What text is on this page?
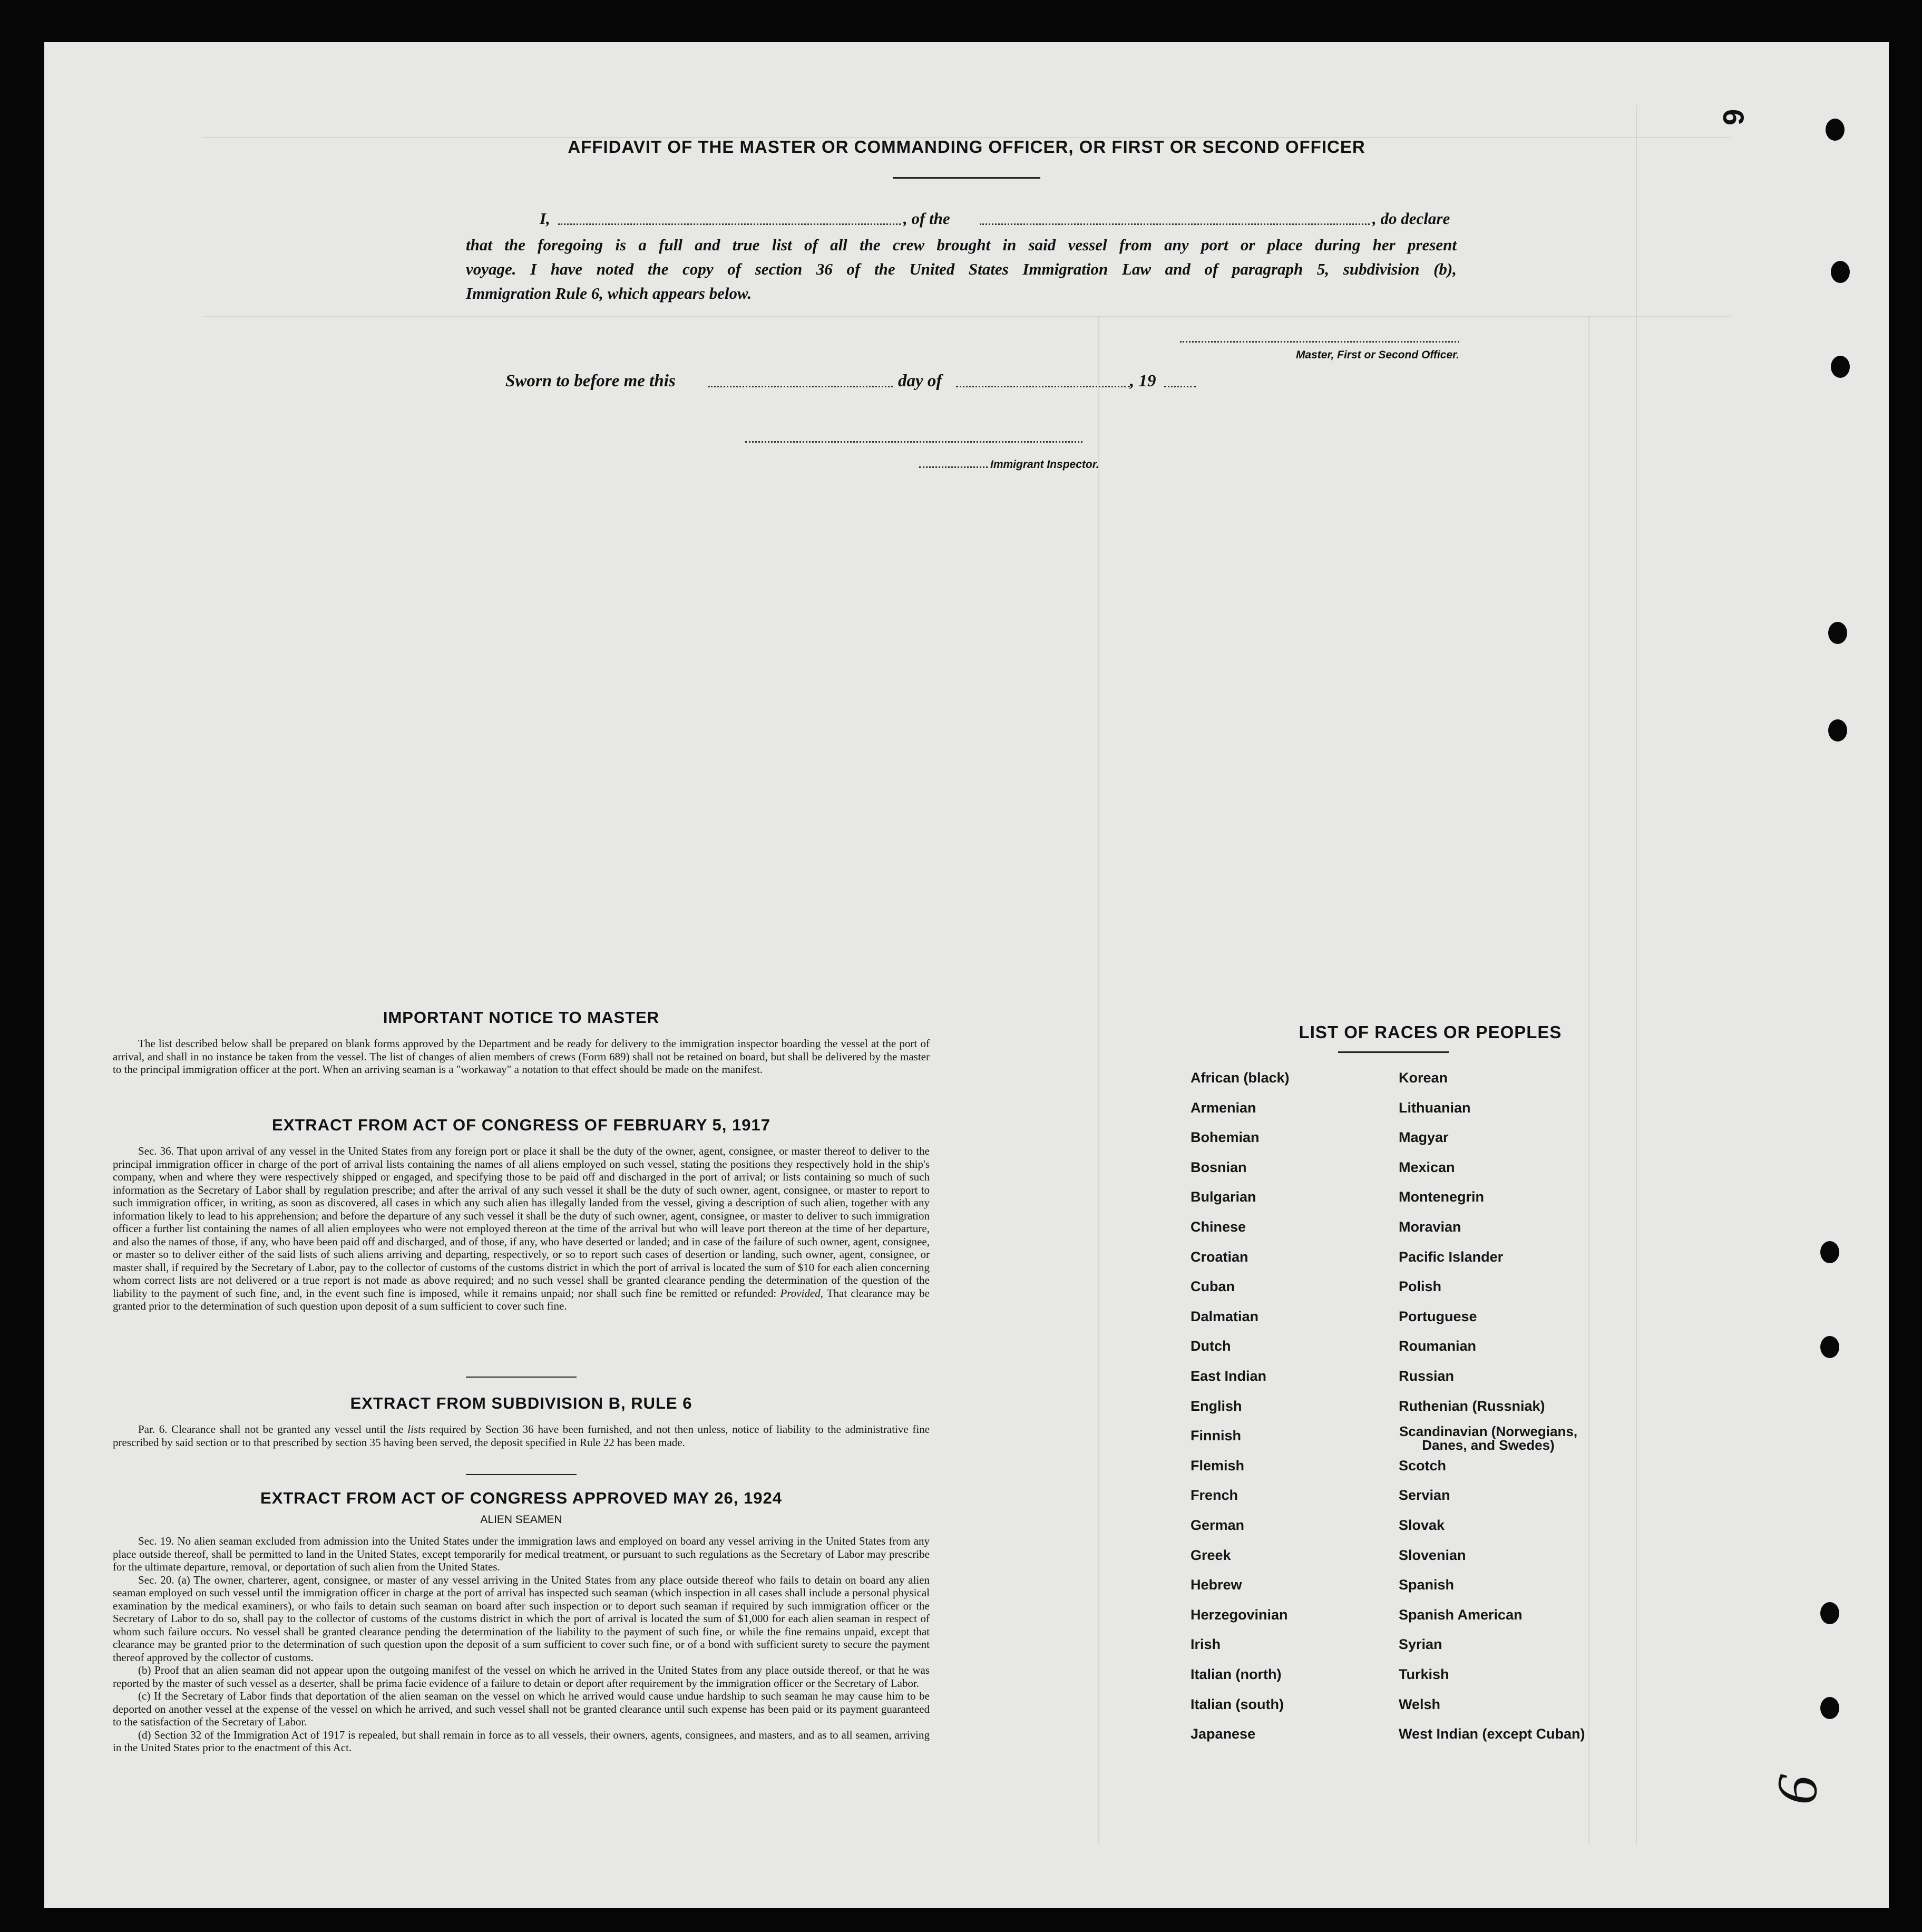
6
AFFIDAVIT OF THE MASTER OR COMMANDING OFFICER, OR FIRST OR SECOND OFFICER
I,	, of the	, do declare
that the foregoing is a full and true list of all the crew brought in said vessel from any port or place during her present
voyage. I have noted the copy of section 36 of the United States Immigration Law and of paragraph 5, subdivision (b),
Immigration Rule 6, which appears below.
Master, First or Second Officer.
Sworn to before me this	day of	, 19
Immigrant Inspector.
IMPORTANT NOTICE TO MASTER

The list described below shall be prepared on blank forms approved by the Department and be ready for delivery to the immigration inspector boarding the vessel at the port of arrival, and shall in no instance be taken from the vessel. The list of changes of alien members of crews (Form 689) shall not be retained on board, but shall be delivered by the master to the principal immigration officer at the port. When an arriving seaman is a "workaway" a notation to that effect should be made on the manifest.

EXTRACT FROM ACT OF CONGRESS OF FEBRUARY 5, 1917

Sec. 36. That upon arrival of any vessel in the United States from any foreign port or place it shall be the duty of the owner, agent, consignee, or master thereof to deliver to the principal immigration officer in charge of the port of arrival lists containing the names of all aliens employed on such vessel, stating the positions they respectively hold in the ship's company, when and where they were respectively shipped or engaged, and specifying those to be paid off and discharged in the port of arrival; or lists containing so much of such information as the Secretary of Labor shall by regulation prescribe; and after the arrival of any such vessel it shall be the duty of such owner, agent, consignee, or master to report to such immigration officer, in writing, as soon as discovered, all cases in which any such alien has illegally landed from the vessel, giving a description of such alien, together with any information likely to lead to his apprehension; and before the departure of any such vessel it shall be the duty of such owner, agent, consignee, or master to deliver to such immigration officer a further list containing the names of all alien employees who were not employed thereon at the time of the arrival but who will leave port thereon at the time of her departure, and also the names of those, if any, who have been paid off and discharged, and of those, if any, who have deserted or landed; and in case of the failure of such owner, agent, consignee, or master so to deliver either of the said lists of such aliens arriving and departing, respectively, or so to report such cases of desertion or landing, such owner, agent, consignee, or master shall, if required by the Secretary of Labor, pay to the collector of customs of the customs district in which the port of arrival is located the sum of $10 for each alien concerning whom correct lists are not delivered or a true report is not made as above required; and no such vessel shall be granted clearance pending the determination of the question of the liability to the payment of such fine, and, in the event such fine is imposed, while it remains unpaid; nor shall such fine be remitted or refunded: Provided, That clearance may be granted prior to the determination of such question upon deposit of a sum sufficient to cover such fine.

EXTRACT FROM SUBDIVISION B, RULE 6

Par. 6. Clearance shall not be granted any vessel until the lists required by Section 36 have been furnished, and not then unless, notice of liability to the administrative fine prescribed by said section or to that prescribed by section 35 having been served, the deposit specified in Rule 22 has been made.

EXTRACT FROM ACT OF CONGRESS APPROVED MAY 26, 1924
ALIEN SEAMEN

Sec. 19. No alien seaman excluded from admission into the United States under the immigration laws and employed on board any vessel arriving in the United States from any place outside thereof, shall be permitted to land in the United States, except temporarily for medical treatment, or pursuant to such regulations as the Secretary of Labor may prescribe for the ultimate departure, removal, or deportation of such alien from the United States.

Sec. 20. (a) The owner, charterer, agent, consignee, or master of any vessel arriving in the United States from any place outside thereof who fails to detain on board any alien seaman employed on such vessel until the immigration officer in charge at the port of arrival has inspected such seaman (which inspection in all cases shall include a personal physical examination by the medical examiners), or who fails to detain such seaman on board after such inspection or to deport such seaman if required by such immigration officer or the Secretary of Labor to do so, shall pay to the collector of customs of the customs district in which the port of arrival is located the sum of $1,000 for each alien seaman in respect of whom such failure occurs. No vessel shall be granted clearance pending the determination of the liability to the payment of such fine, or while the fine remains unpaid, except that clearance may be granted prior to the determination of such question upon the deposit of a sum sufficient to cover such fine, or of a bond with sufficient surety to secure the payment thereof approved by the collector of customs.

(b) Proof that an alien seaman did not appear upon the outgoing manifest of the vessel on which he arrived in the United States from any place outside thereof, or that he was reported by the master of such vessel as a deserter, shall be prima facie evidence of a failure to detain or deport after requirement by the immigration officer or the Secretary of Labor.

(c) If the Secretary of Labor finds that deportation of the alien seaman on the vessel on which he arrived would cause undue hardship to such seaman he may cause him to be deported on another vessel at the expense of the vessel on which he arrived, and such vessel shall not be granted clearance until such expense has been paid or its payment guaranteed to the satisfaction of the Secretary of Labor.

(d) Section 32 of the Immigration Act of 1917 is repealed, but shall remain in force as to all vessels, their owners, agents, consignees, and masters, and as to all seamen, arriving in the United States prior to the enactment of this Act.

LIST OF RACES OR PEOPLES
9
African (black)
Armenian
Bohemian
Bosnian
Bulgarian
Chinese
Croatian
Cuban
Dalmatian
Dutch
East Indian
English
Finnish
Flemish
French
German
Greek
Hebrew
Herzegovinian
Irish
Italian (north)
Italian (south)
Japanese
Korean
Lithuanian
Magyar
Mexican
Montenegrin
Moravian
Pacific Islander
Polish
Portuguese
Roumanian
Russian
Ruthenian (Russniak)
Scandinavian (Norwegians, Danes, and Swedes)
Scotch
Servian
Slovak
Slovenian
Spanish
Spanish American
Syrian
Turkish
Welsh
West Indian (except Cuban)
